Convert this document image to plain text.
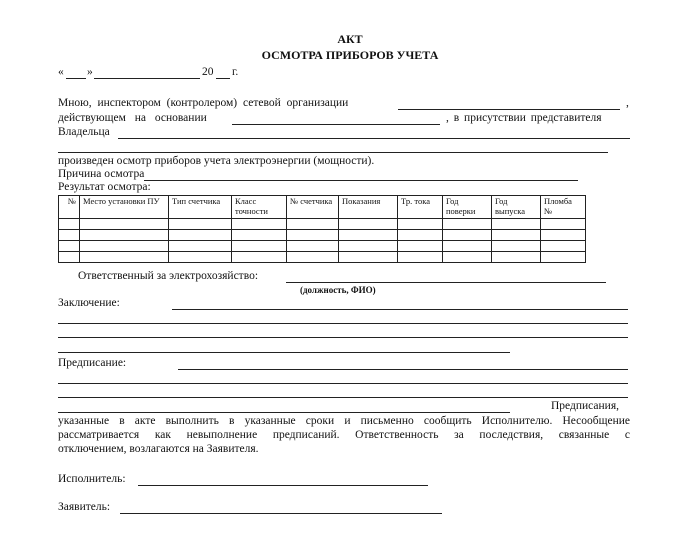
АКТ
ОСМОТРА ПРИБОРОВ УЧЕТА
« »	20 г.
Мною, инспектором (контролером) сетевой организации	,
действующем на основании	, в присутствии представителя
Владельца
произведен осмотр приборов учета электроэнергии (мощности).
Причина осмотра
Результат осмотра:
№	Место установки ПУ	Тип счетчика	Класс точности	№ счетчика	Показания	Тр. тока	Год поверки	Год выпуска	Пломба №

Ответственный за электрохозяйство:
(должность, ФИО)
Заключение:
Предписание:
Предписания,
указанные в акте выполнить в указанные сроки и письменно сообщить Исполнителю. Несообщение
рассматривается как невыполнение предписаний. Ответственность за последствия, связанные с
отключением, возлагаются на Заявителя.
Исполнитель:
Заявитель:
